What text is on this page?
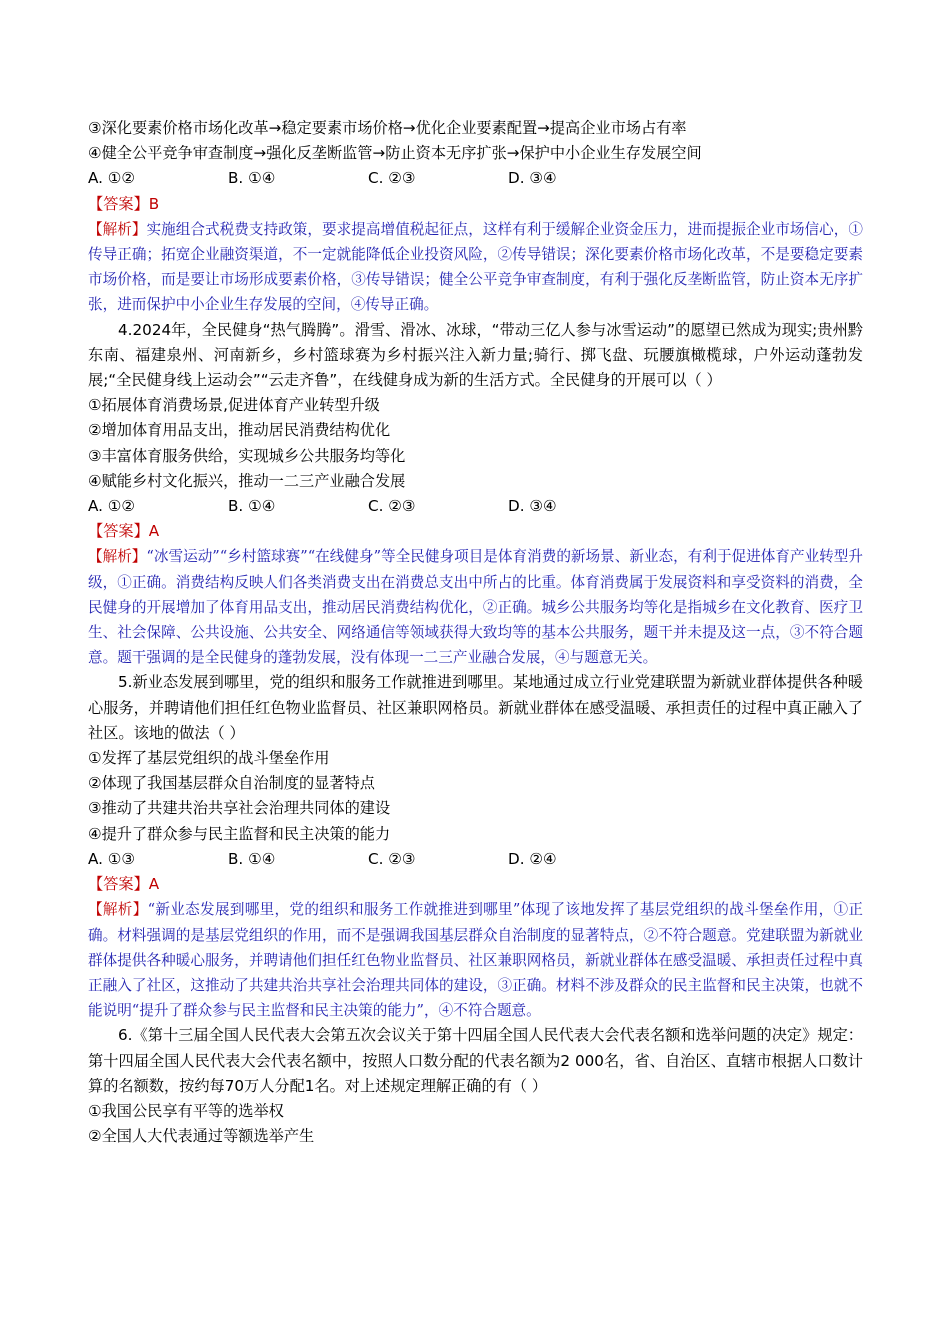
③深化要素价格市场化改革→稳定要素市场价格→优化企业要素配置→提高企业市场占有率
④健全公平竞争审查制度→强化反垄断监管→防止资本无序扩张→保护中小企业生存发展空间
A. ①②	B. ①④	C. ②③	D. ③④
【答案】B
【解析】实施组合式税费支持政策，要求提高增值税起征点，这样有利于缓解企业资金压力，进而提振企业市场信心，①传导正确；拓宽企业融资渠道，不一定就能降低企业投资风险，②传导错误；深化要素价格市场化改革，不是要稳定要素市场价格，而是要让市场形成要素价格，③传导错误；健全公平竞争审查制度，有利于强化反垄断监管，防止资本无序扩张，进而保护中小企业生存发展的空间，④传导正确。
4.2024年，全民健身“热气腾腾”。滑雪、滑冰、冰球，“带动三亿人参与冰雪运动”的愿望已然成为现实;贵州黔东南、福建泉州、河南新乡，乡村篮球赛为乡村振兴注入新力量;骑行、掷飞盘、玩腰旗橄榄球，户外运动蓬勃发展;“全民健身线上运动会”“云走齐鲁”，在线健身成为新的生活方式。全民健身的开展可以（ ）
①拓展体育消费场景,促进体育产业转型升级
②增加体育用品支出，推动居民消费结构优化
③丰富体育服务供给，实现城乡公共服务均等化
④赋能乡村文化振兴，推动一二三产业融合发展
A. ①②	B. ①④	C. ②③	D. ③④
【答案】A
【解析】“冰雪运动”“乡村篮球赛”“在线健身”等全民健身项目是体育消费的新场景、新业态，有利于促进体育产业转型升级，①正确。消费结构反映人们各类消费支出在消费总支出中所占的比重。体育消费属于发展资料和享受资料的消费，全民健身的开展增加了体育用品支出，推动居民消费结构优化，②正确。城乡公共服务均等化是指城乡在文化教育、医疗卫生、社会保障、公共设施、公共安全、网络通信等领域获得大致均等的基本公共服务，题干并未提及这一点，③不符合题意。题干强调的是全民健身的蓬勃发展，没有体现一二三产业融合发展，④与题意无关。
5.新业态发展到哪里，党的组织和服务工作就推进到哪里。某地通过成立行业党建联盟为新就业群体提供各种暖心服务，并聘请他们担任红色物业监督员、社区兼职网格员。新就业群体在感受温暖、承担责任的过程中真正融入了社区。该地的做法（ ）
①发挥了基层党组织的战斗堡垒作用
②体现了我国基层群众自治制度的显著特点
③推动了共建共治共享社会治理共同体的建设
④提升了群众参与民主监督和民主决策的能力
A. ①③	B. ①④	C. ②③	D. ②④
【答案】A
【解析】“新业态发展到哪里，党的组织和服务工作就推进到哪里”体现了该地发挥了基层党组织的战斗堡垒作用，①正确。材料强调的是基层党组织的作用，而不是强调我国基层群众自治制度的显著特点，②不符合题意。党建联盟为新就业群体提供各种暖心服务，并聘请他们担任红色物业监督员、社区兼职网格员，新就业群体在感受温暖、承担责任过程中真正融入了社区，这推动了共建共治共享社会治理共同体的建设，③正确。材料不涉及群众的民主监督和民主决策，也就不能说明“提升了群众参与民主监督和民主决策的能力”，④不符合题意。
6.《第十三届全国人民代表大会第五次会议关于第十四届全国人民代表大会代表名额和选举问题的决定》规定：第十四届全国人民代表大会代表名额中，按照人口数分配的代表名额为2 000名，省、自治区、直辖市根据人口数计算的名额数，按约每70万人分配1名。对上述规定理解正确的有（ ）
①我国公民享有平等的选举权
②全国人大代表通过等额选举产生
